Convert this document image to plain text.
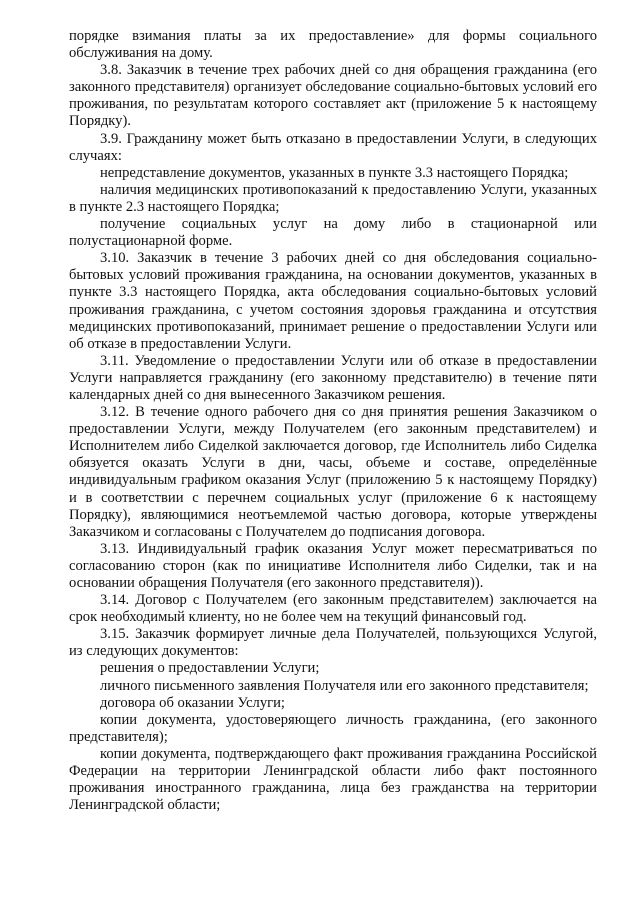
порядке взимания платы за их предоставление» для формы социального обслуживания на дому.

3.8. Заказчик в течение трех рабочих дней со дня обращения гражданина (его законного представителя) организует обследование социально-бытовых условий его проживания, по результатам которого составляет акт (приложение 5 к настоящему Порядку).

3.9. Гражданину может быть отказано в предоставлении Услуги, в следующих случаях:

непредставление документов, указанных в пункте 3.3 настоящего Порядка;

наличия медицинских противопоказаний к предоставлению Услуги, указанных в пункте 2.3 настоящего Порядка;

получение социальных услуг на дому либо в стационарной или полустационарной форме.

3.10. Заказчик в течение 3 рабочих дней со дня обследования социально-бытовых условий проживания гражданина, на основании документов, указанных в пункте 3.3 настоящего Порядка, акта обследования социально-бытовых условий проживания гражданина, с учетом состояния здоровья гражданина и отсутствия медицинских противопоказаний, принимает решение о предоставлении Услуги или об отказе в предоставлении Услуги.

3.11. Уведомление о предоставлении Услуги или об отказе в предоставлении Услуги направляется гражданину (его законному представителю) в течение пяти календарных дней со дня вынесенного Заказчиком решения.

3.12. В течение одного рабочего дня со дня принятия решения Заказчиком о предоставлении Услуги, между Получателем (его законным представителем) и Исполнителем либо Сиделкой заключается договор, где Исполнитель либо Сиделка обязуется оказать Услуги в дни, часы, объеме и составе, определённые индивидуальным графиком оказания Услуг (приложению 5 к настоящему Порядку) и в соответствии с перечнем социальных услуг (приложение 6 к настоящему Порядку), являющимися неотъемлемой частью договора, которые утверждены Заказчиком и согласованы с Получателем до подписания договора.

3.13. Индивидуальный график оказания Услуг может пересматриваться по согласованию сторон (как по инициативе Исполнителя либо Сиделки, так и на основании обращения Получателя (его законного представителя)).

3.14. Договор с Получателем (его законным представителем) заключается на срок необходимый клиенту, но не более чем на текущий финансовый год.

3.15. Заказчик формирует личные дела Получателей, пользующихся Услугой, из следующих документов:

решения о предоставлении Услуги;

личного письменного заявления Получателя или его законного представителя;

договора об оказании Услуги;

копии документа, удостоверяющего личность гражданина, (его законного представителя);

копии документа, подтверждающего факт проживания гражданина Российской Федерации на территории Ленинградской области либо факт постоянного проживания иностранного гражданина, лица без гражданства на территории Ленинградской области;
